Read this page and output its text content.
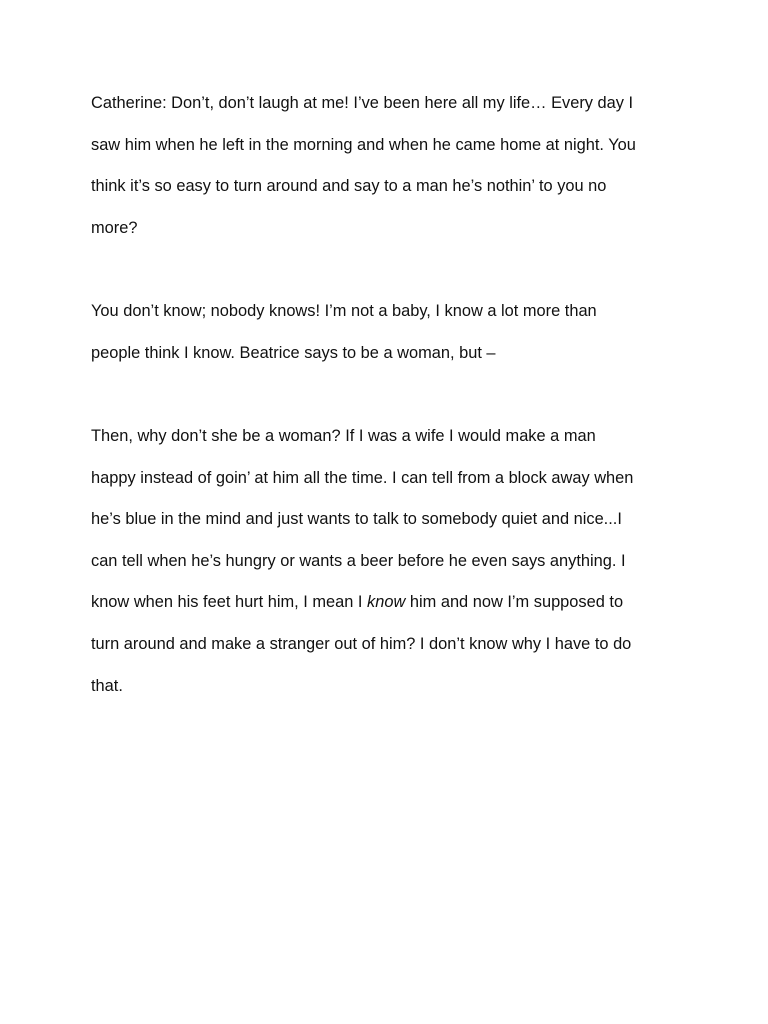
Catherine: Don’t, don’t laugh at me! I’ve been here all my life… Every day I
saw him when he left in the morning and when he came home at night. You
think it’s so easy to turn around and say to a man he’s nothin’ to you no
more?
You don’t know; nobody knows! I’m not a baby, I know a lot more than
people think I know. Beatrice says to be a woman, but –
Then, why don’t she be a woman? If I was a wife I would make a man
happy instead of goin’ at him all the time. I can tell from a block away when
he’s blue in the mind and just wants to talk to somebody quiet and nice...I
can tell when he’s hungry or wants a beer before he even says anything. I
know when his feet hurt him, I mean I know him and now I’m supposed to
turn around and make a stranger out of him? I don’t know why I have to do
that.
